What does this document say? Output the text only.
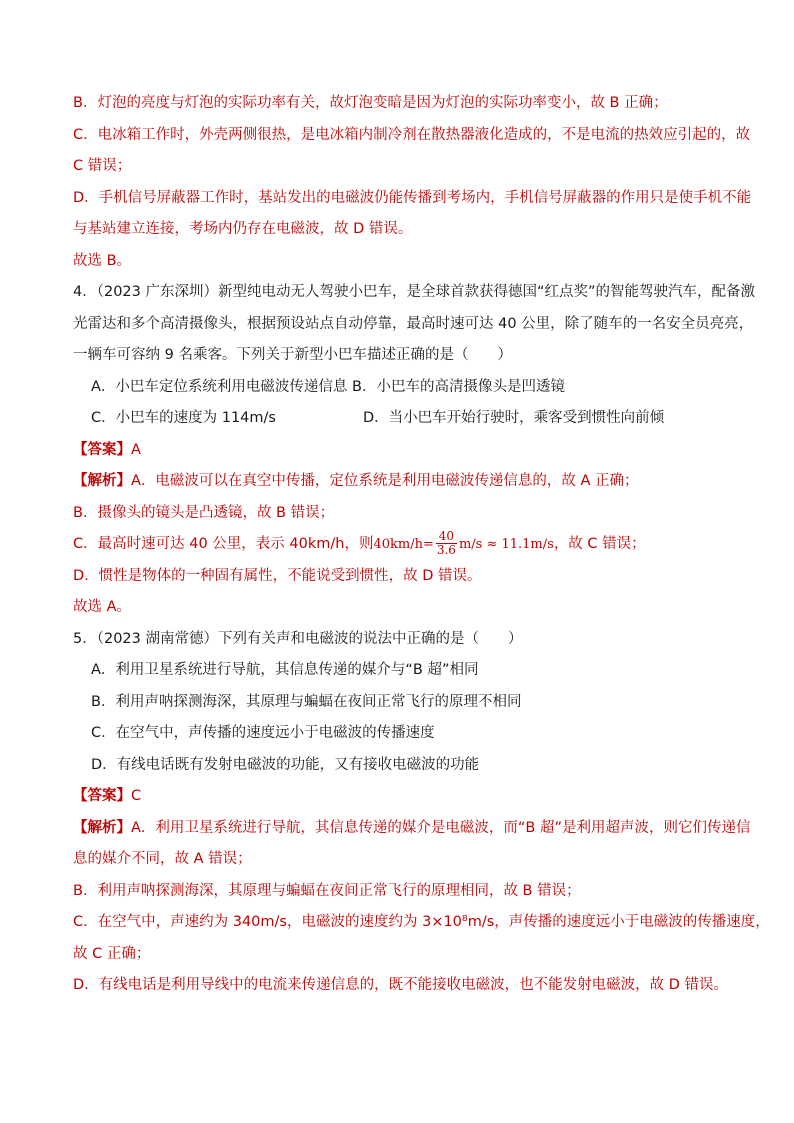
B．灯泡的亮度与灯泡的实际功率有关，故灯泡变暗是因为灯泡的实际功率变小，故 B 正确；
C．电冰箱工作时，外壳两侧很热，是电冰箱内制冷剂在散热器液化造成的，不是电流的热效应引起的，故
C 错误；
D．手机信号屏蔽器工作时，基站发出的电磁波仍能传播到考场内，手机信号屏蔽器的作用只是使手机不能
与基站建立连接，考场内仍存在电磁波，故 D 错误。
故选 B。
4．（2023 广东深圳）新型纯电动无人驾驶小巴车，是全球首款获得德国“红点奖”的智能驾驶汽车，配备激
光雷达和多个高清摄像头，根据预设站点自动停靠，最高时速可达 40 公里，除了随车的一名安全员亮亮，
一辆车可容纳 9 名乘客。下列关于新型小巴车描述正确的是（　　）
A．小巴车定位系统利用电磁波传递信息
B．小巴车的高清摄像头是凹透镜
C．小巴车的速度为 114m/s	D．当小巴车开始行驶时，乘客受到惯性向前倾
【答案】A
【解析】A．电磁波可以在真空中传播，定位系统是利用电磁波传递信息的，故 A 正确；
B．摄像头的镜头是凸透镜，故 B 错误；
C．最高时速可达 40 公里，表示 40km/h，则$40km/h= \frac{40}{3.6} m/s \approx 11.1m/s$，故 C 错误；
D．惯性是物体的一种固有属性，不能说受到惯性，故 D 错误。
故选 A。
5．（2023 湖南常德）下列有关声和电磁波的说法中正确的是（　　）
A．利用卫星系统进行导航，其信息传递的媒介与“B 超”相同
B．利用声呐探测海深，其原理与蝙蝠在夜间正常飞行的原理不相同
C．在空气中，声传播的速度远小于电磁波的传播速度
D．有线电话既有发射电磁波的功能，又有接收电磁波的功能
【答案】C
【解析】A．利用卫星系统进行导航，其信息传递的媒介是电磁波，而“B 超”是利用超声波，则它们传递信
息的媒介不同，故 A 错误；
B．利用声呐探测海深，其原理与蝙蝠在夜间正常飞行的原理相同，故 B 错误；
C．在空气中，声速约为 340m/s，电磁波的速度约为 3×10⁸m/s，声传播的速度远小于电磁波的传播速度，
故 C 正确；
D．有线电话是利用导线中的电流来传递信息的，既不能接收电磁波，也不能发射电磁波，故 D 错误。
